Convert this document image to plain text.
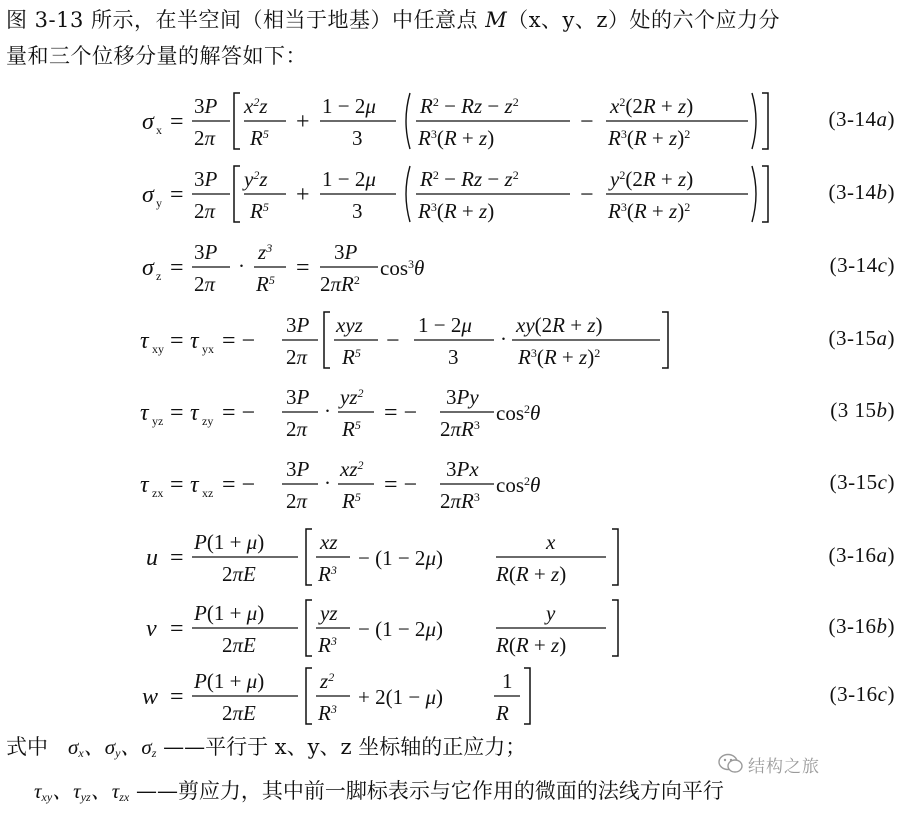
图 3-13 所示，在半空间（相当于地基）中任意点 M（x、y、z）处的六个应力分
量和三个位移分量的解答如下：
σ x =
3P
2π
$x^2z$
$R^5$ +
1 − 2μ
3
$R^2 - Rz - z^2$
$R^3(R + z)$
−
$x^2(2R + z)$
$R^3(R + z)^2$
(3-14a)
σ y =
3P
2π
$y^2z$
$R^5$ +
1 − 2μ
3
$R^2 - Rz - z^2$
$R^3(R + z)$
−
$y^2(2R + z)$
$R^3(R + z)^2$
(3-14b)
σ z =
3P
2π
·
$z^3$
$R^5$ =
3P
$2\pi R^2$ $\cos^3\theta$	(3-14c)
τ xy = τ yx = −
3P
2π
xyz
$R^5$ −
1 − 2μ
3
·
xy(2R + z)
$R^3(R + z)^2$
(3-15a)
τ yz = τ zy = −
3P
2π
·
$yz^2$
$R^5$ = −
3Py
$2\pi R^3$ $\cos^2\theta$	(3 15b)
τ zx = τ xz = −
3P
2π
·
$xz^2$
$R^5$ = −
3Px
$2\pi R^3$ $\cos^2\theta$	(3-15c)
u =
P(1 + μ)
2πE
xz
$R^3 - (1 - 2\mu)$
x
R(R + z)
(3-16a)
v =
P(1 + μ)
2πE
yz
$R^3 - (1 - 2\mu)$
y
R(R + z)
(3-16b)
w =
P(1 + μ)
2πE
$z^2$
$R^3 + 2(1 - \mu)$
1
R
(3-16c)
式中 $\sigma_x$、$\sigma_y$、$\sigma_z$ ——平行于 x、y、z 坐标轴的正应力；
$\tau_{xy}$、$\tau_{yz}$、$\tau_{zx}$ ——剪应力，其中前一脚标表示与它作用的微面的法线方向平行
结构之旅
